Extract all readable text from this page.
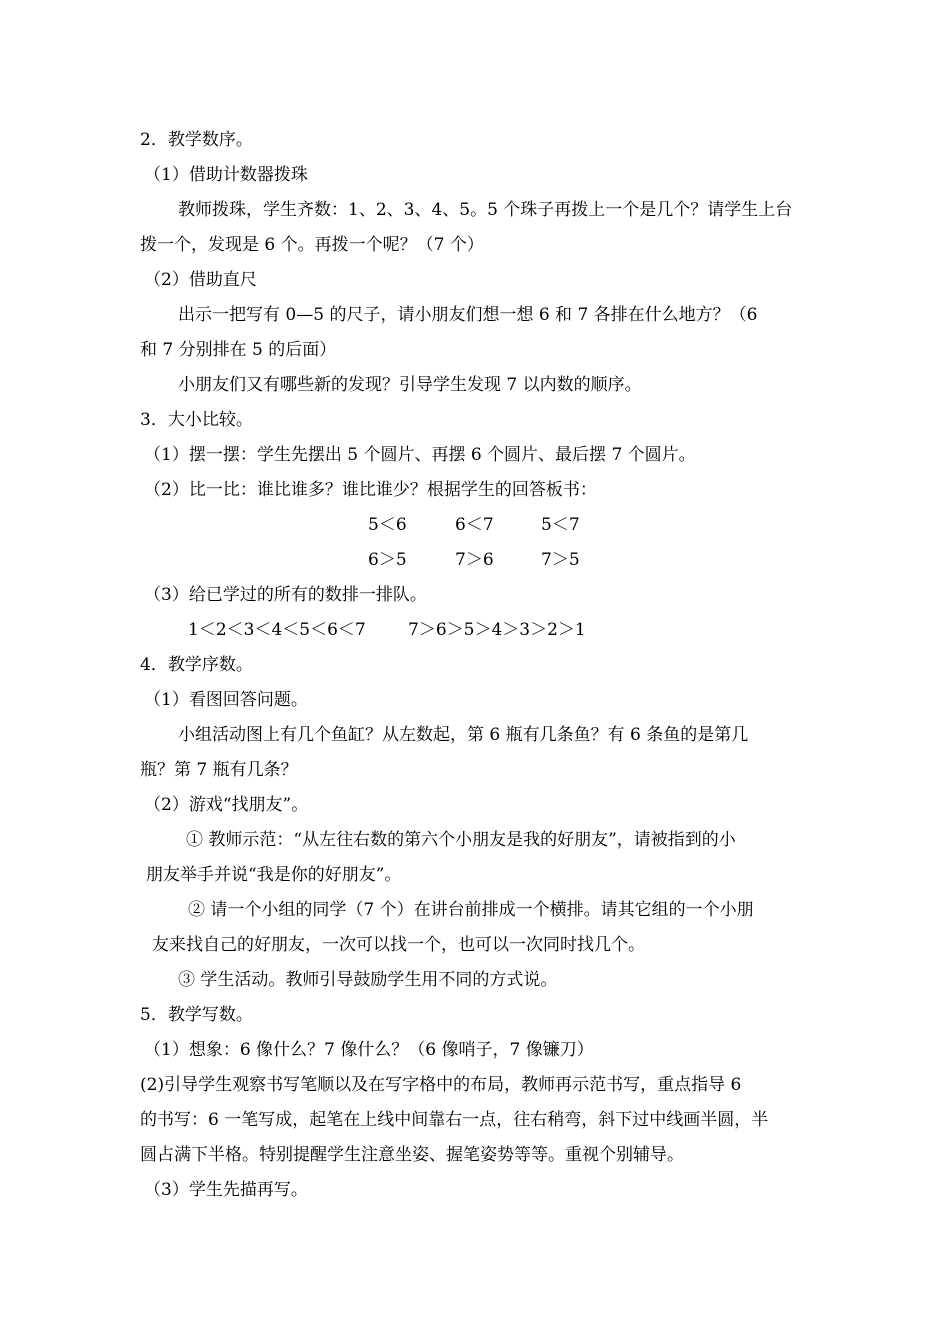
2．教学数序。
（1）借助计数器拨珠
教师拨珠，学生齐数：1、2、3、4、5。5 个珠子再拨上一个是几个？请学生上台
拨一个，发现是 6 个。再拨一个呢？（7 个）
（2）借助直尺
出示一把写有 0—5 的尺子，请小朋友们想一想 6 和 7 各排在什么地方？（6
和 7 分别排在 5 的后面）
小朋友们又有哪些新的发现？引导学生发现 7 以内数的顺序。
3．大小比较。
（1）摆一摆：学生先摆出 5 个圆片、再摆 6 个圆片、最后摆 7 个圆片。
（2）比一比：谁比谁多？谁比谁少？根据学生的回答板书：
5＜6	6＜7	5＜7
6＞5	7＞6	7＞5
（3）给已学过的所有的数排一排队。
1＜2＜3＜4＜5＜6＜7 7＞6＞5＞4＞3＞2＞1
4．教学序数。
（1）看图回答问题。
小组活动图上有几个鱼缸？从左数起，第 6 瓶有几条鱼？有 6 条鱼的是第几
瓶？第 7 瓶有几条？
（2）游戏“找朋友”。
① 教师示范：“从左往右数的第六个小朋友是我的好朋友”，请被指到的小
朋友举手并说“我是你的好朋友”。
② 请一个小组的同学（7 个）在讲台前排成一个横排。请其它组的一个小朋
友来找自己的好朋友，一次可以找一个，也可以一次同时找几个。
③ 学生活动。教师引导鼓励学生用不同的方式说。
5．教学写数。
（1）想象：6 像什么？7 像什么？（6 像哨子，7 像镰刀）
(2)引导学生观察书写笔顺以及在写字格中的布局，教师再示范书写，重点指导 6
的书写：6 一笔写成，起笔在上线中间靠右一点，往右稍弯，斜下过中线画半圆，半
圆占满下半格。特别提醒学生注意坐姿、握笔姿势等等。重视个别辅导。
（3）学生先描再写。
